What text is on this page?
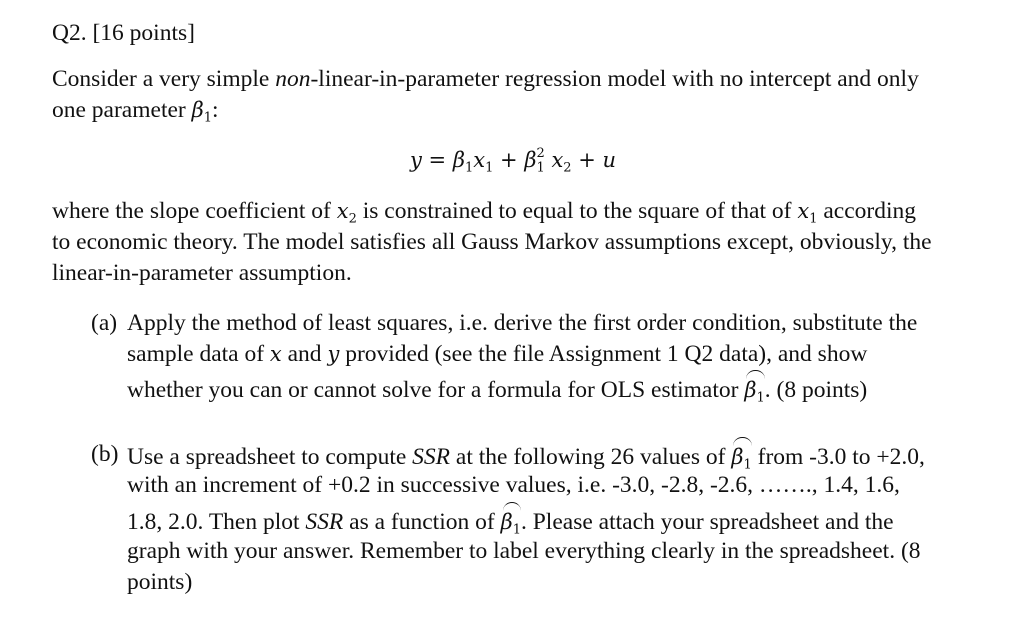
Q2. [16 points]
Consider a very simple non-linear-in-parameter regression model with no intercept and only
one parameter $\beta_1$:
$y = \beta_1x_1 + \beta$ 2
$_1$ $x_2 + u$
where the slope coefficient of $x_2$ is constrained to equal to the square of that of $x_1$ according
to economic theory. The model satisfies all Gauss Markov assumptions except, obviously, the
linear-in-parameter assumption.
(a) Apply the method of least squares, i.e. derive the first order condition, substitute the
sample data of x and y provided (see the file Assignment 1 Q2 data), and show
whether you can or cannot solve for a formula for OLS estimator $\beta_1$. (8 points)
(b) Use a spreadsheet to compute SSR at the following 26 values of $\beta_1$ from -3.0 to +2.0,
with an increment of +0.2 in successive values, i.e. -3.0, -2.8, -2.6, ……., 1.4, 1.6,
1.8, 2.0. Then plot SSR as a function of $\beta_1$. Please attach your spreadsheet and the
graph with your answer. Remember to label everything clearly in the spreadsheet. (8
points)
